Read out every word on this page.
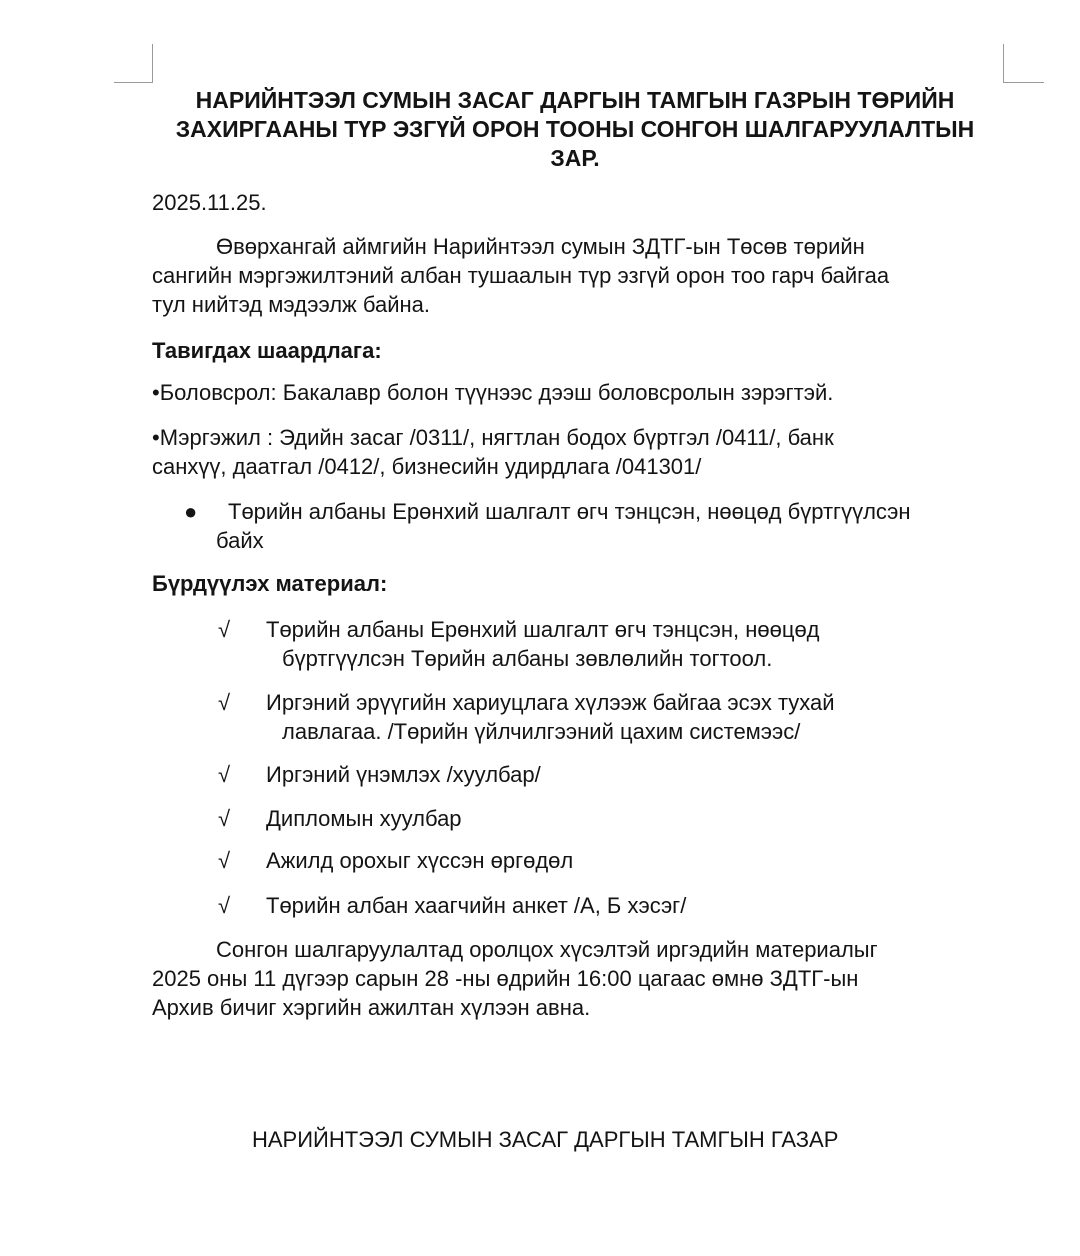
НАРИЙНТЭЭЛ СУМЫН ЗАСАГ ДАРГЫН ТАМГЫН ГАЗРЫН ТӨРИЙН
ЗАХИРГААНЫ ТҮР ЭЗГҮЙ ОРОН ТООНЫ СОНГОН ШАЛГАРУУЛАЛТЫН
ЗАР.
2025.11.25.
Өвөрхангай аймгийн Нарийнтээл сумын ЗДТГ-ын Төсөв төрийн
сангийн мэргэжилтэний албан тушаалын түр эзгүй орон тоо гарч байгаа
тул нийтэд мэдээлж байна.
Тавигдах шаардлага:
•Боловсрол: Бакалавр болон түүнээс дээш боловсролын зэрэгтэй.
•Мэргэжил : Эдийн засаг /0311/, нягтлан бодох бүртгэл /0411/, банк
санхүү, даатгал /0412/, бизнесийн удирдлага /041301/
●	Төрийн албаны Ерөнхий шалгалт өгч тэнцсэн, нөөцөд бүртгүүлсэн
байх
Бүрдүүлэх материал:
√ Төрийн албаны Ерөнхий шалгалт өгч тэнцсэн, нөөцөд
бүртгүүлсэн Төрийн албаны зөвлөлийн тогтоол.
√ Иргэний эрүүгийн хариуцлага хүлээж байгаа эсэх тухай
лавлагаа. /Төрийн үйлчилгээний цахим системээс/
√ Иргэний үнэмлэх /хуулбар/
√ Дипломын хуулбар
√ Ажилд орохыг хүссэн өргөдөл
√ Төрийн албан хаагчийн анкет /А, Б хэсэг/
Сонгон шалгаруулалтад оролцох хүсэлтэй иргэдийн материалыг
2025 оны 11 дүгээр сарын 28 -ны өдрийн 16:00 цагаас өмнө ЗДТГ-ын
Архив бичиг хэргийн ажилтан хүлээн авна.
НАРИЙНТЭЭЛ СУМЫН ЗАСАГ ДАРГЫН ТАМГЫН ГАЗАР
